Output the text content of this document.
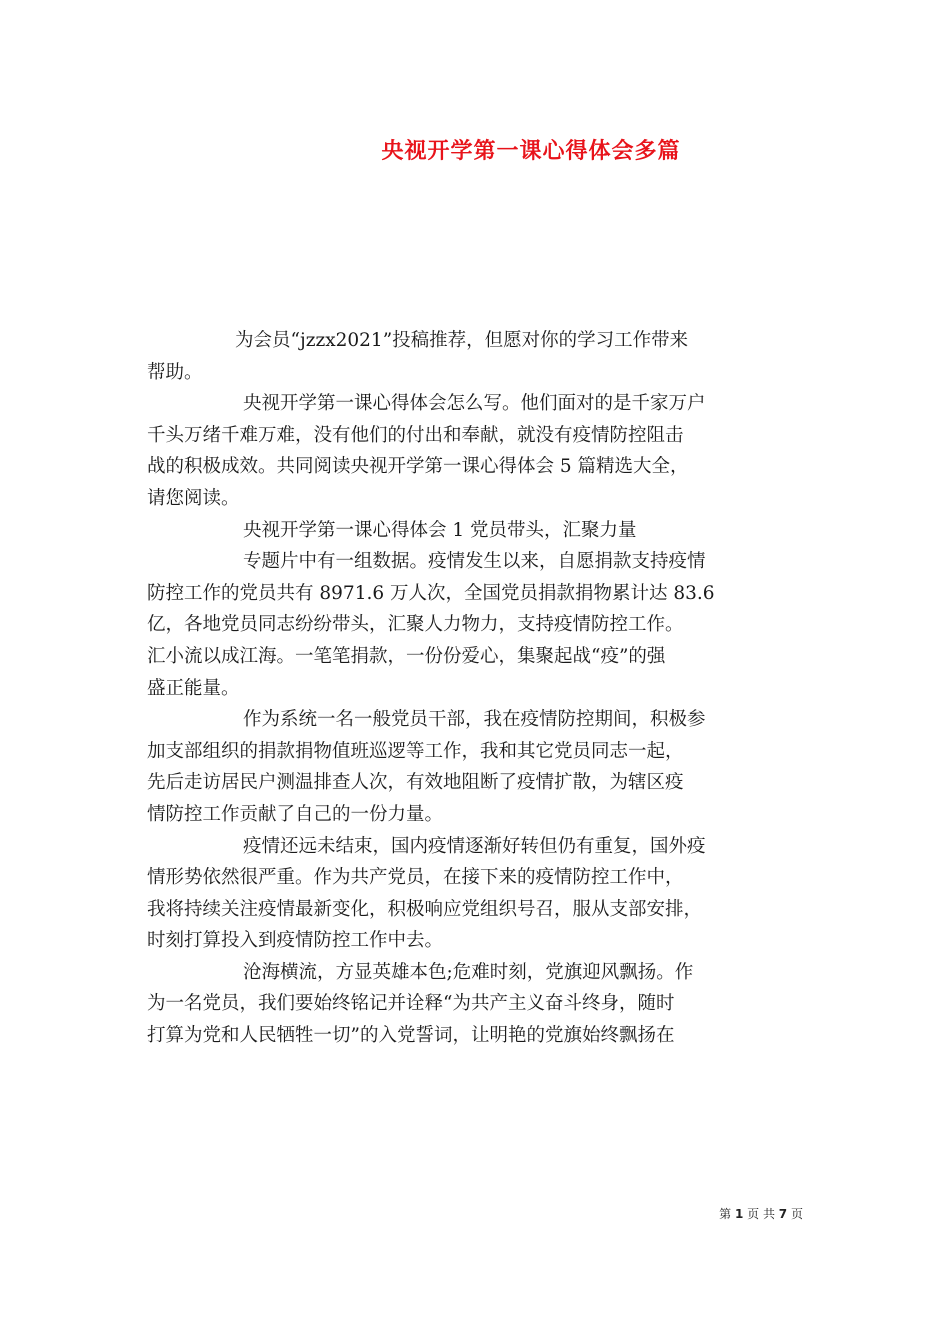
央视开学第一课心得体会多篇
为会员“jzzx2021”投稿推荐，但愿对你的学习工作带来
帮助。
央视开学第一课心得体会怎么写。他们面对的是千家万户
千头万绪千难万难，没有他们的付出和奉献，就没有疫情防控阻击
战的积极成效。共同阅读央视开学第一课心得体会 5 篇精选大全，
请您阅读。
央视开学第一课心得体会 1 党员带头，汇聚力量
专题片中有一组数据。疫情发生以来，自愿捐款支持疫情
防控工作的党员共有 8971.6 万人次，全国党员捐款捐物累计达 83.6
亿，各地党员同志纷纷带头，汇聚人力物力，支持疫情防控工作。
汇小流以成江海。一笔笔捐款，一份份爱心，集聚起战“疫”的强
盛正能量。
作为系统一名一般党员干部，我在疫情防控期间，积极参
加支部组织的捐款捐物值班巡逻等工作，我和其它党员同志一起，
先后走访居民户测温排查人次，有效地阻断了疫情扩散，为辖区疫
情防控工作贡献了自己的一份力量。
疫情还远未结束，国内疫情逐渐好转但仍有重复，国外疫
情形势依然很严重。作为共产党员，在接下来的疫情防控工作中，
我将持续关注疫情最新变化，积极响应党组织号召，服从支部安排，
时刻打算投入到疫情防控工作中去。
沧海横流，方显英雄本色;危难时刻，党旗迎风飘扬。作
为一名党员，我们要始终铭记并诠释“为共产主义奋斗终身，随时
打算为党和人民牺牲一切”的入党誓词，让明艳的党旗始终飘扬在
第 1 页 共 7 页
